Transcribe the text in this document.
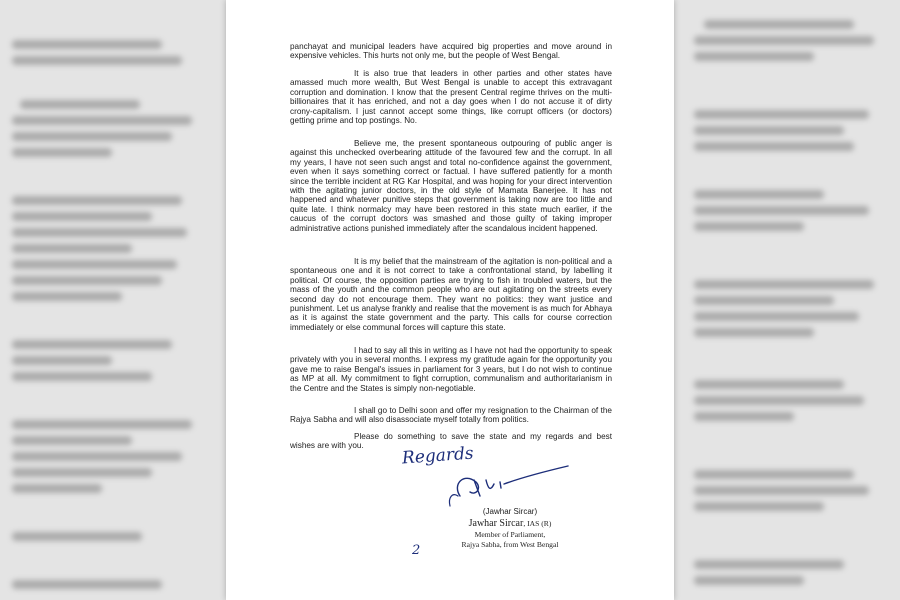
panchayat and municipal leaders have acquired big properties and move around in expensive vehicles. This hurts not only me, but the people of West Bengal.
It is also true that leaders in other parties and other states have amassed much more wealth, But West Bengal is unable to accept this extravagant corruption and domination. I know that the present Central regime thrives on the multi-billionaires that it has enriched, and not a day goes when I do not accuse it of dirty crony-capitalism. I just cannot accept some things, like corrupt officers (or doctors) getting prime and top postings. No.
Believe me, the present spontaneous outpouring of public anger is against this unchecked overbearing attitude of the favoured few and the corrupt. In all my years, I have not seen such angst and total no-confidence against the government, even when it says something correct or factual. I have suffered patiently for a month since the terrible incident at RG Kar Hospital, and was hoping for your direct intervention with the agitating junior doctors, in the old style of Mamata Banerjee. It has not happened and whatever punitive steps that government is taking now are too little and quite late. I think normalcy may have been restored in this state much earlier, if the caucus of the corrupt doctors was smashed and those guilty of taking improper administrative actions punished immediately after the scandalous incident happened.
It is my belief that the mainstream of the agitation is non-political and a spontaneous one and it is not correct to take a confrontational stand, by labelling it political. Of course, the opposition parties are trying to fish in troubled waters, but the mass of the youth and the common people who are out agitating on the streets every second day do not encourage them. They want no politics: they want justice and punishment. Let us analyse frankly and realise that the movement is as much for Abhaya as it is against the state government and the party. This calls for course correction immediately or else communal forces will capture this state.
I had to say all this in writing as I have not had the opportunity to speak privately with you in several months. I express my gratitude again for the opportunity you gave me to raise Bengal's issues in parliament for 3 years, but I do not wish to continue as MP at all. My commitment to fight corruption, communalism and authoritarianism in the Centre and the States is simply non-negotiable.
I shall go to Delhi soon and offer my resignation to the Chairman of the Rajya Sabha and will also disassociate myself totally from politics.
Please do something to save the state and my regards and best wishes are with you.	Regards
(Jawhar Sircar)
Jawhar Sircar, IAS (R)
Member of Parliament,
Rajya Sabha, from West Bengal
2
